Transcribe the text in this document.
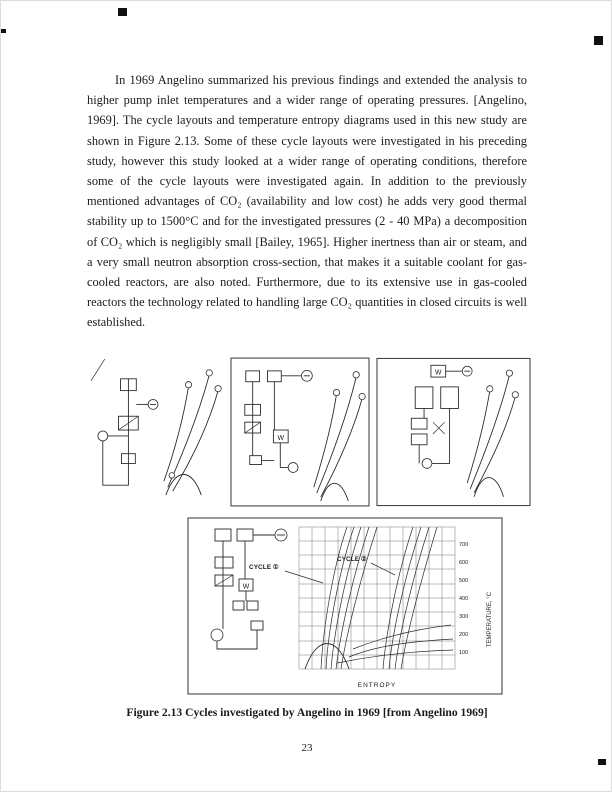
In 1969 Angelino summarized his previous findings and extended the analysis to higher pump inlet temperatures and a wider range of operating pressures. [Angelino, 1969]. The cycle layouts and temperature entropy diagrams used in this new study are shown in Figure 2.13. Some of these cycle layouts were investigated in his preceding study, however this study looked at a wider range of operating conditions, therefore some of the cycle layouts were investigated again. In addition to the previously mentioned advantages of CO₂ (availability and low cost) he adds very good thermal stability up to 1500°C and for the investigated pressures (2 - 40 MPa) a decomposition of CO₂ which is negligibly small [Bailey, 1965]. Higher inertness than air or steam, and a very small neutron absorption cross-section, that makes it a suitable coolant for gas-cooled reactors, are also noted. Furthermore, due to its extensive use in gas-cooled reactors the technology related to handling large CO₂ quantities in closed circuits is well established.
W
W
W
CYCLE ①
CYCLE ②
700
600
500
400
300
200
100
ENTROPY
TEMPERATURE, °C
Figure 2.13 Cycles investigated by Angelino in 1969 [from Angelino 1969]
23
